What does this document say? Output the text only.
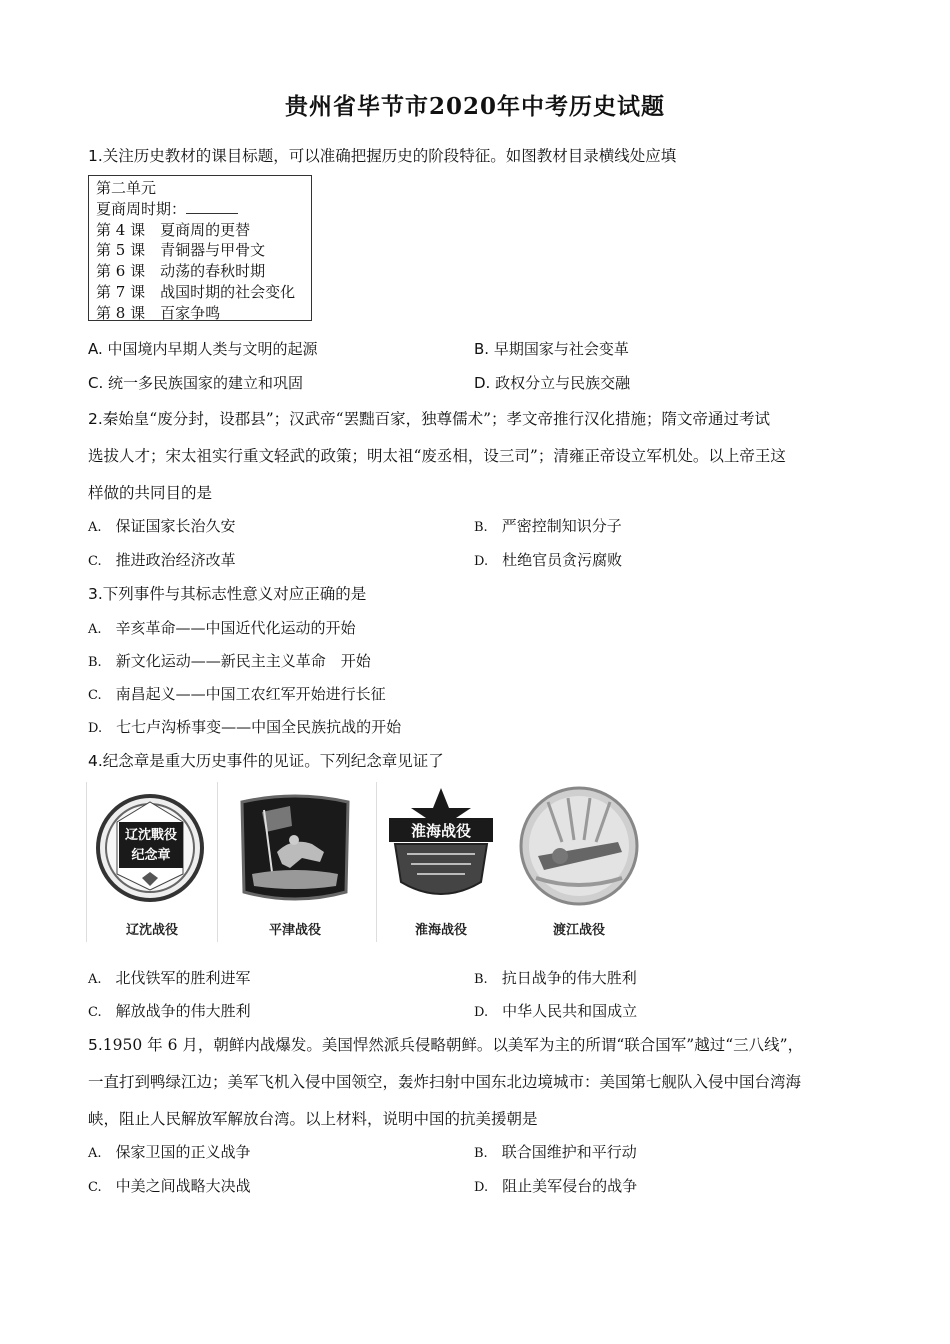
贵州省毕节市2020年中考历史试题
1.关注历史教材的课目标题，可以准确把握历史的阶段特征。如图教材目录横线处应填
第二单元
夏商周时期：
第 4 课　夏商周的更替
第 5 课　青铜器与甲骨文
第 6 课　动荡的春秋时期
第 7 课　战国时期的社会变化
第 8 课　百家争鸣
A. 中国境内早期人类与文明的起源	B. 早期国家与社会变革
C. 统一多民族国家的建立和巩固	D. 政权分立与民族交融
2.秦始皇“废分封，设郡县”；汉武帝“罢黜百家，独尊儒术”；孝文帝推行汉化措施；隋文帝通过考试
选拔人才；宋太祖实行重文轻武的政策；明太祖“废丞相，设三司”；清雍正帝设立军机处。以上帝王这
样做的共同目的是
A. 保证国家长治久安	B. 严密控制知识分子
C. 推进政治经济改革	D. 杜绝官员贪污腐败
3.下列事件与其标志性意义对应正确的是
A. 辛亥革命——中国近代化运动的开始
B. 新文化运动——新民主主义革命　开始
C. 南昌起义——中国工农红军开始进行长征
D. 七七卢沟桥事变——中国全民族抗战的开始
4.纪念章是重大历史事件的见证。下列纪念章见证了
辽沈戰役
纪念章
辽沈战役	平津战役
淮海战役
淮海战役	渡江战役
A. 北伐铁军的胜利进军	B. 抗日战争的伟大胜利
C. 解放战争的伟大胜利	D. 中华人民共和国成立
5.1950 年 6 月，朝鲜内战爆发。美国悍然派兵侵略朝鲜。以美军为主的所谓“联合国军”越过“三八线”，
一直打到鸭绿江边；美军飞机入侵中国领空，轰炸扫射中国东北边境城市：美国第七舰队入侵中国台湾海
峡，阻止人民解放军解放台湾。以上材料，说明中国的抗美援朝是
A. 保家卫国的正义战争	B. 联合国维护和平行动
C. 中美之间战略大决战	D. 阻止美军侵台的战争
